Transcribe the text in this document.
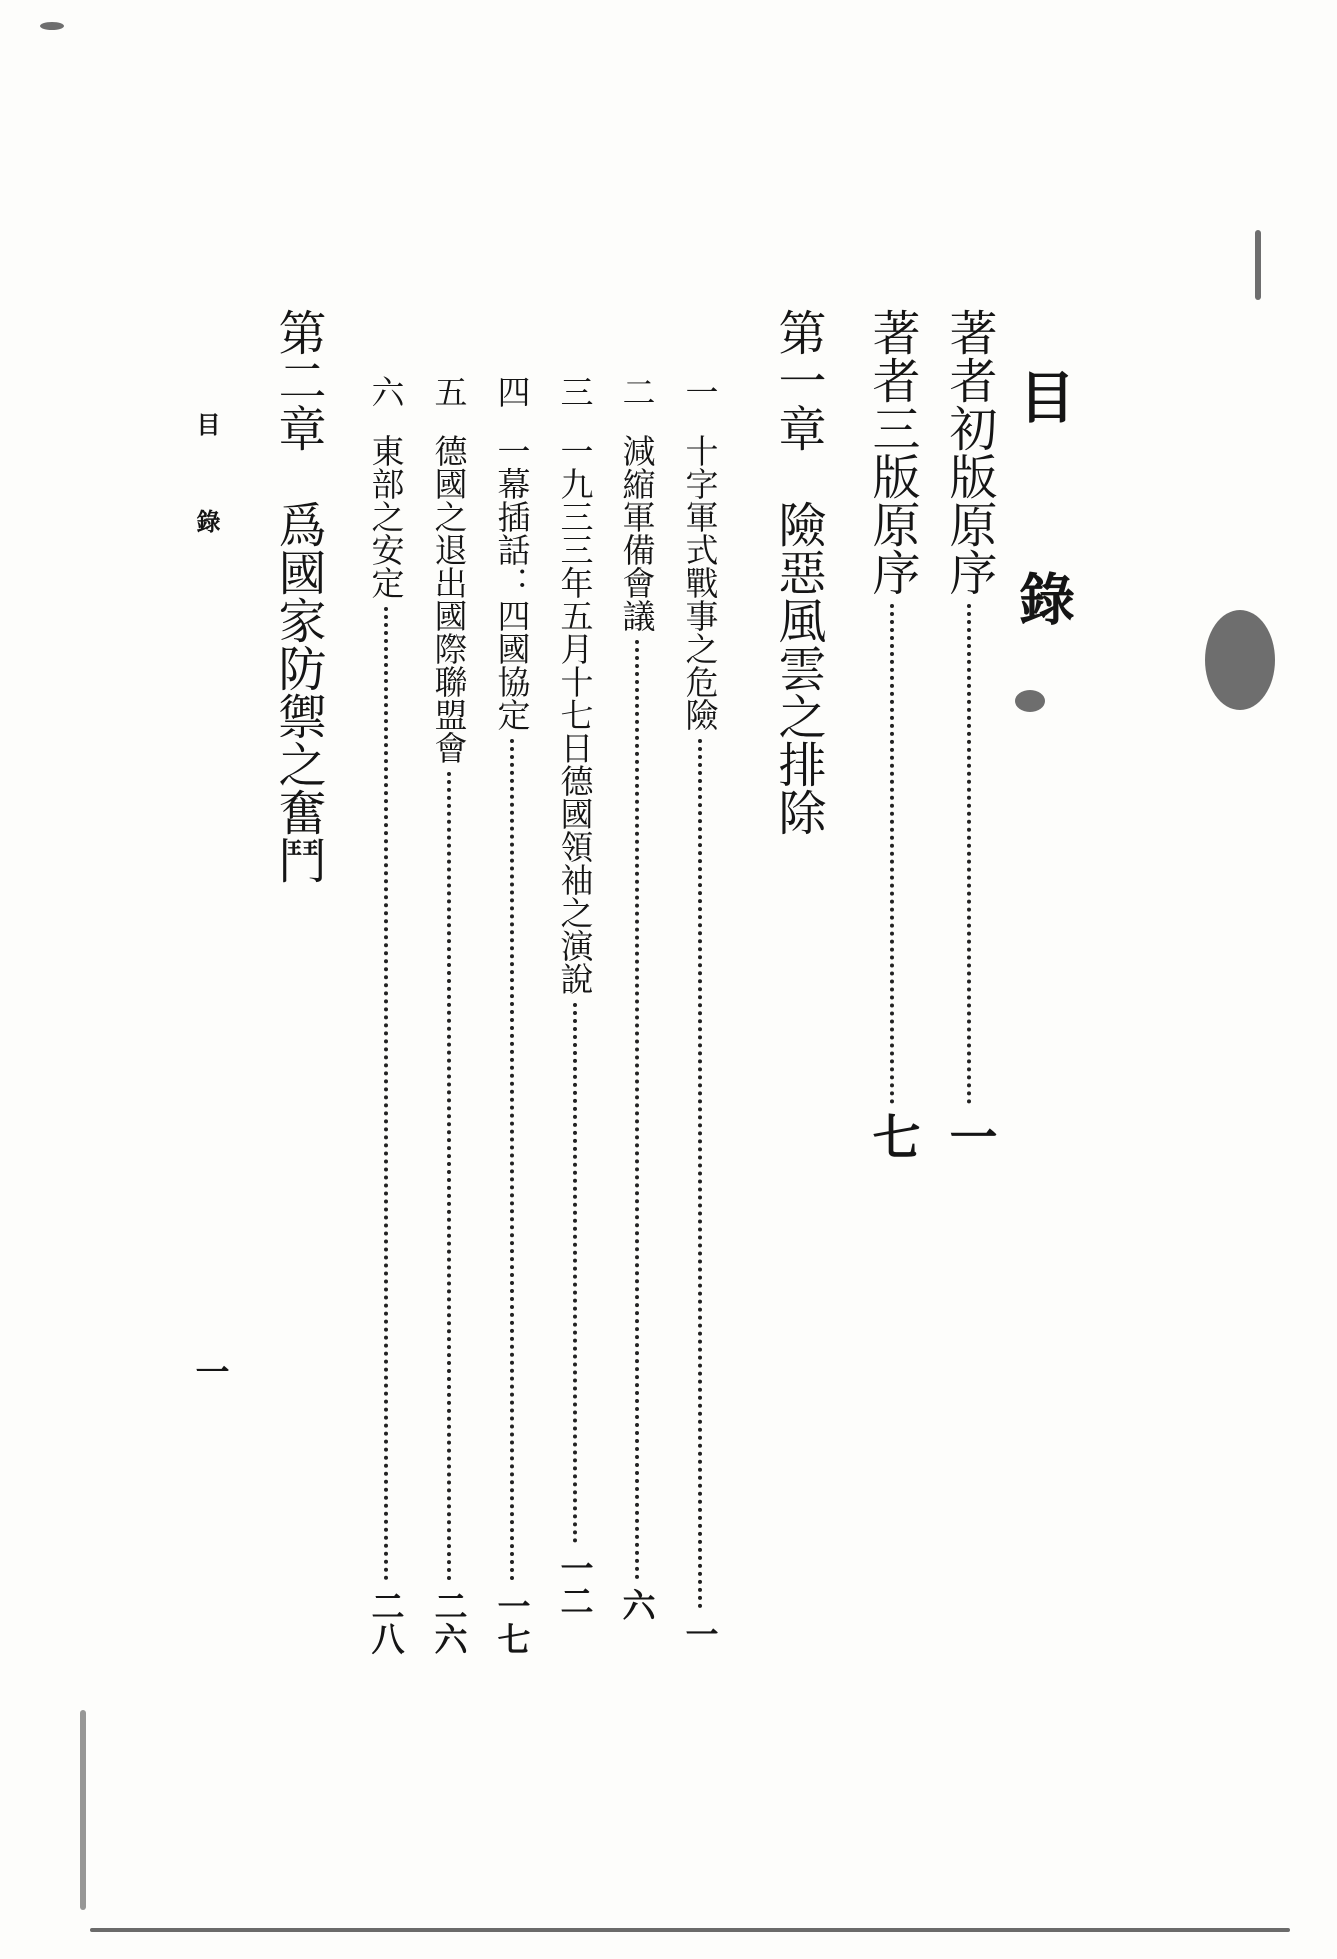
目 錄
著者初版原序
一
著者三版原序
七
第一章　險惡風雲之排除
一
十字軍式戰事之危險
一
二
減縮軍備會議
六
三
一九三三年五月十七日德國領袖之演說
一二
四
一幕插話：四國協定
一七
五
德國之退出國際聯盟會
二六
六
東部之安定
二八
第二章　爲國家防禦之奮鬥
目 錄
一
